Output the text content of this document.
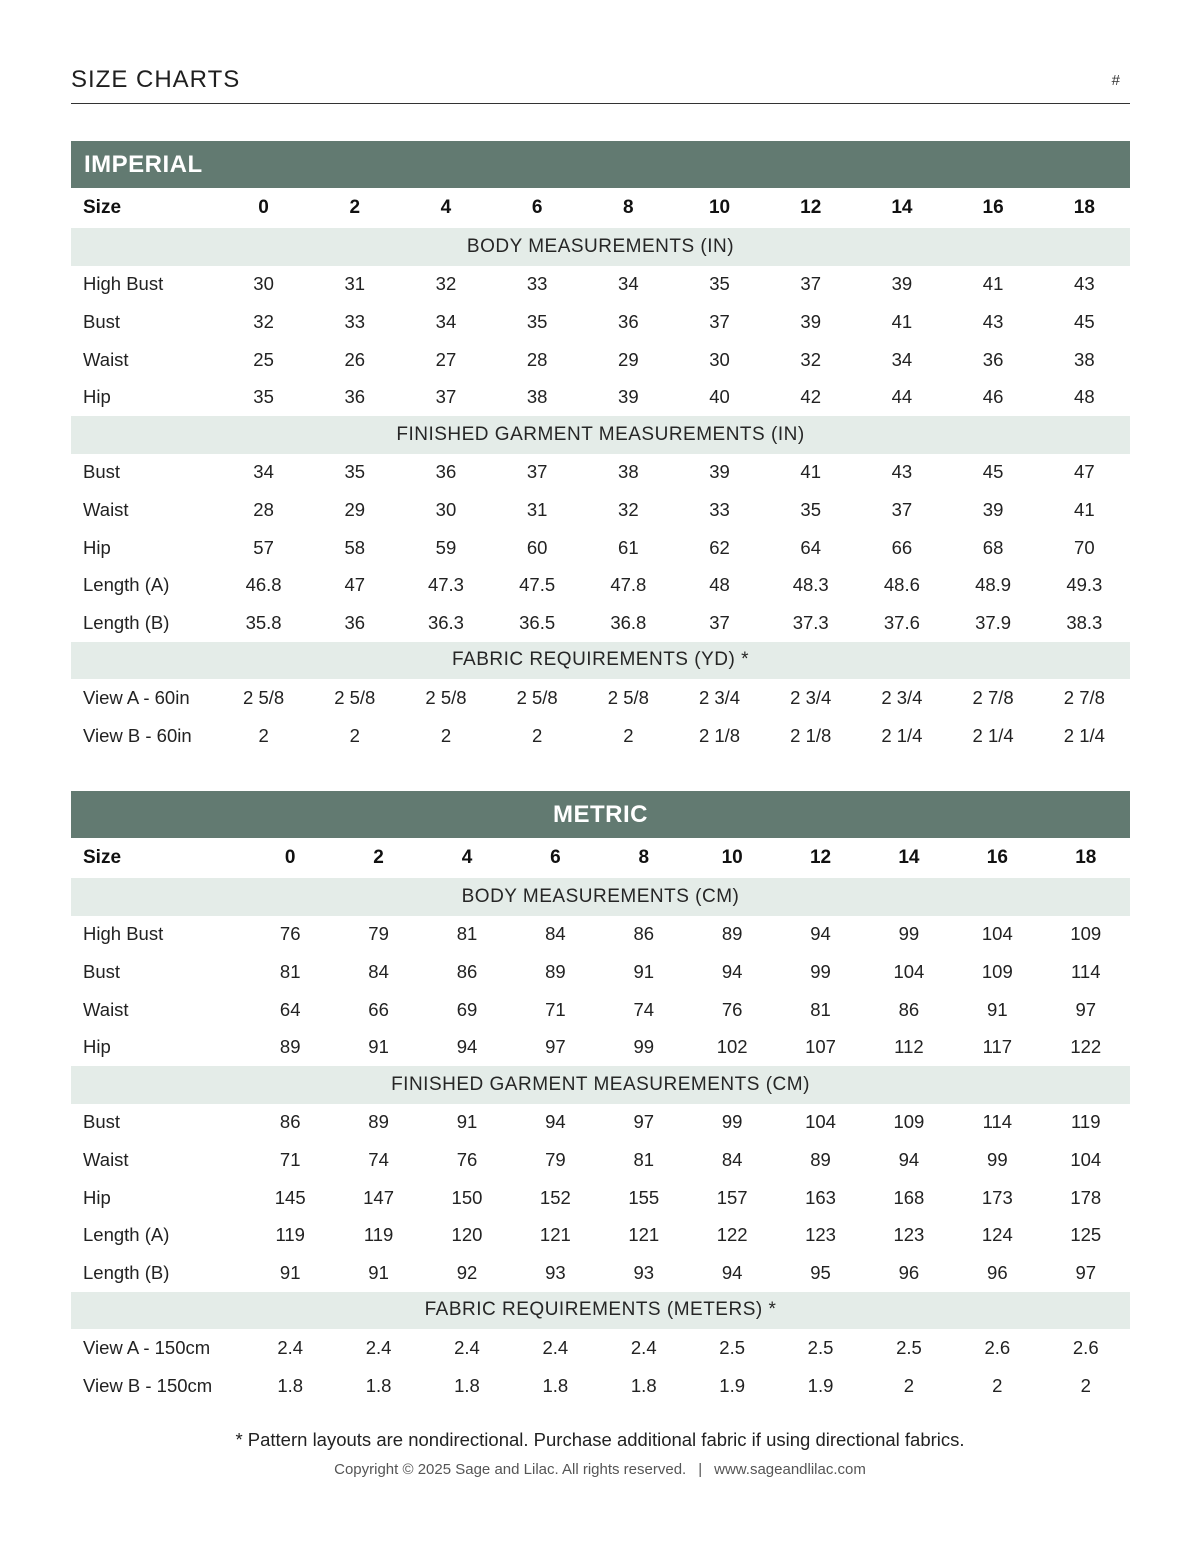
SIZE CHARTS	#
IMPERIAL
Size	0	2	4	6	8	10	12	14	16	18
BODY MEASUREMENTS (IN)										
High Bust	30	31	32	33	34	35	37	39	41	43
Bust	32	33	34	35	36	37	39	41	43	45
Waist	25	26	27	28	29	30	32	34	36	38
Hip	35	36	37	38	39	40	42	44	46	48
FINISHED GARMENT MEASUREMENTS (IN)										
Bust	34	35	36	37	38	39	41	43	45	47
Waist	28	29	30	31	32	33	35	37	39	41
Hip	57	58	59	60	61	62	64	66	68	70
Length (A)	46.8	47	47.3	47.5	47.8	48	48.3	48.6	48.9	49.3
Length (B)	35.8	36	36.3	36.5	36.8	37	37.3	37.6	37.9	38.3
FABRIC REQUIREMENTS (YD) *										
View A - 60in	2 5/8	2 5/8	2 5/8	2 5/8	2 5/8	2 3/4	2 3/4	2 3/4	2 7/8	2 7/8
View B - 60in	2	2	2	2	2	2 1/8	2 1/8	2 1/4	2 1/4	2 1/4
METRIC
Size	0	2	4	6	8	10	12	14	16	18
BODY MEASUREMENTS (CM)										
High Bust	76	79	81	84	86	89	94	99	104	109
Bust	81	84	86	89	91	94	99	104	109	114
Waist	64	66	69	71	74	76	81	86	91	97
Hip	89	91	94	97	99	102	107	112	117	122
FINISHED GARMENT MEASUREMENTS (CM)										
Bust	86	89	91	94	97	99	104	109	114	119
Waist	71	74	76	79	81	84	89	94	99	104
Hip	145	147	150	152	155	157	163	168	173	178
Length (A)	119	119	120	121	121	122	123	123	124	125
Length (B)	91	91	92	93	93	94	95	96	96	97
FABRIC REQUIREMENTS (METERS) *										
View A - 150cm	2.4	2.4	2.4	2.4	2.4	2.5	2.5	2.5	2.6	2.6
View B - 150cm	1.8	1.8	1.8	1.8	1.8	1.9	1.9	2	2	2
* Pattern layouts are nondirectional. Purchase additional fabric if using directional fabrics.
Copyright © 2025 Sage and Lilac. All rights reserved. | www.sageandlilac.com
